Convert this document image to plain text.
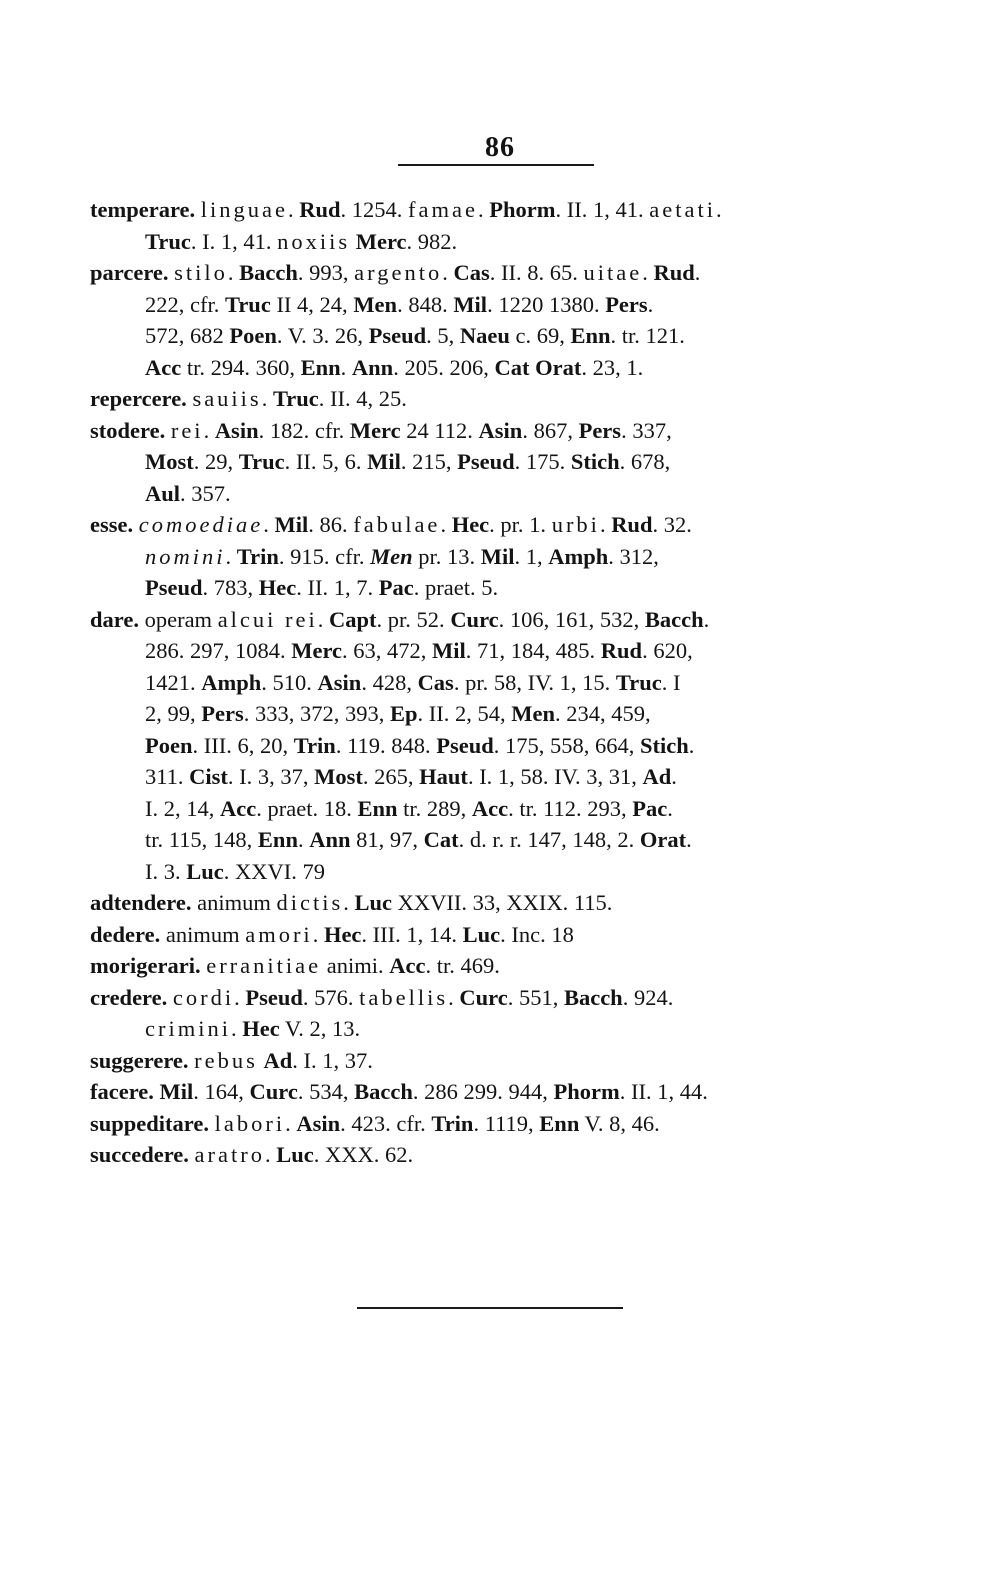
86
temperare. linguae. Rud. 1254. famae. Phorm. II. 1, 41. aetati.
Truc. I. 1, 41. noxiis Merc. 982.
parcere. stilo. Bacch. 993, argento. Cas. II. 8. 65. uitae. Rud.
222, cfr. Truc II 4, 24, Men. 848. Mil. 1220 1380. Pers.
572, 682 Poen. V. 3. 26, Pseud. 5, Naeu c. 69, Enn. tr. 121.
Acc tr. 294. 360, Enn. Ann. 205. 206, Cat Orat. 23, 1.
repercere. sauiis. Truc. II. 4, 25.
stodere. rei. Asin. 182. cfr. Merc 24 112. Asin. 867, Pers. 337,
Most. 29, Truc. II. 5, 6. Mil. 215, Pseud. 175. Stich. 678,
Aul. 357.
esse. comoediae. Mil. 86. fabulae. Hec. pr. 1. urbi. Rud. 32.
nomini. Trin. 915. cfr. Men pr. 13. Mil. 1, Amph. 312,
Pseud. 783, Hec. II. 1, 7. Pac. praet. 5.
dare. operam alcui rei. Capt. pr. 52. Curc. 106, 161, 532, Bacch.
286. 297, 1084. Merc. 63, 472, Mil. 71, 184, 485. Rud. 620,
1421. Amph. 510. Asin. 428, Cas. pr. 58, IV. 1, 15. Truc. I
2, 99, Pers. 333, 372, 393, Ep. II. 2, 54, Men. 234, 459,
Poen. III. 6, 20, Trin. 119. 848. Pseud. 175, 558, 664, Stich.
311. Cist. I. 3, 37, Most. 265, Haut. I. 1, 58. IV. 3, 31, Ad.
I. 2, 14, Acc. praet. 18. Enn tr. 289, Acc. tr. 112. 293, Pac.
tr. 115, 148, Enn. Ann 81, 97, Cat. d. r. r. 147, 148, 2. Orat.
I. 3. Luc. XXVI. 79
adtendere. animum dictis. Luc XXVII. 33, XXIX. 115.
dedere. animum amori. Hec. III. 1, 14. Luc. Inc. 18
morigerari. erranitiae animi. Acc. tr. 469.
credere. cordi. Pseud. 576. tabellis. Curc. 551, Bacch. 924.
crimini. Hec V. 2, 13.
suggerere. rebus Ad. I. 1, 37.
facere. Mil. 164, Curc. 534, Bacch. 286 299. 944, Phorm. II. 1, 44.
suppeditare. labori. Asin. 423. cfr. Trin. 1119, Enn V. 8, 46.
succedere. aratro. Luc. XXX. 62.
